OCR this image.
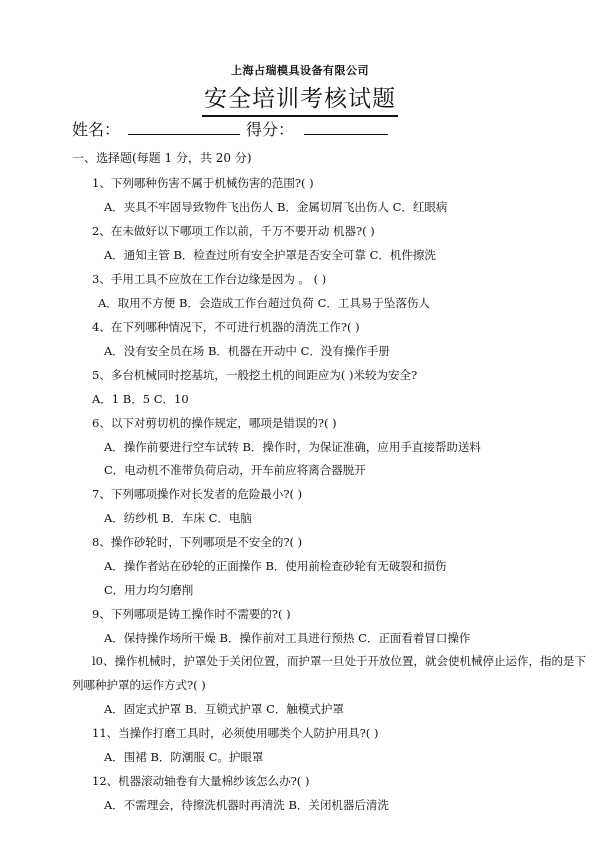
上海占瑞模具设备有限公司
安全培训考核试题
姓名：	得分：
一、选择题(每题 1 分，共 20 分)
1、下列哪种伤害不属于机械伤害的范围?( )
A．夹具不牢固导致物件飞出伤人 B．金属切屑飞出伤人 C．红眼病
2、在未做好以下哪项工作以前，千万不要开动 机器?( )
A．通知主管 B．检查过所有安全护罩是否安全可靠 C．机件擦洗
3、手用工具不应放在工作台边缘是因为 。 ( )
A．取用不方便 B．会造成工作台超过负荷 C．工具易于坠落伤人
4、在下列哪种情况下，不可进行机器的清洗工作?( )
A．没有安全员在场 B．机器在开动中 C．没有操作手册
5、多台机械同时挖基坑，一般挖土机的间距应为( )米较为安全?
A．1 B．5 C．10
6、以下对剪切机的操作规定，哪项是错误的?( )
A．操作前要进行空车试转 B．操作时，为保证准确，应用手直接帮助送料
C．电动机不准带负荷启动，开车前应将离合器脱开
7、下列哪项操作对长发者的危险最小?( )
A．纺纱机 B．车床 C．电脑
8、操作砂轮时，下列哪项是不安全的?( )
A．操作者站在砂轮的正面操作 B．使用前检查砂轮有无破裂和损伤
C．用力均匀磨削
9、下列哪项是铸工操作时不需要的?( )
A．保持操作场所干燥 B．操作前对工具进行预热 C．正面看着冒口操作
l0、操作机械时，护罩处于关闭位置，而护罩一旦处于开放位置，就会使机械停止运作，指的是下
列哪种护罩的运作方式?( )
A．固定式护罩 B．互锁式护罩 C．触模式护罩
11、当操作打磨工具时，必须使用哪类个人防护用具?( )
A．围裙 B．防潮服 C。护眼罩
12、机器滚动轴卷有大量棉纱该怎么办?( )
A．不需理会，待擦洗机器时再清洗 B．关闭机器后清洗
